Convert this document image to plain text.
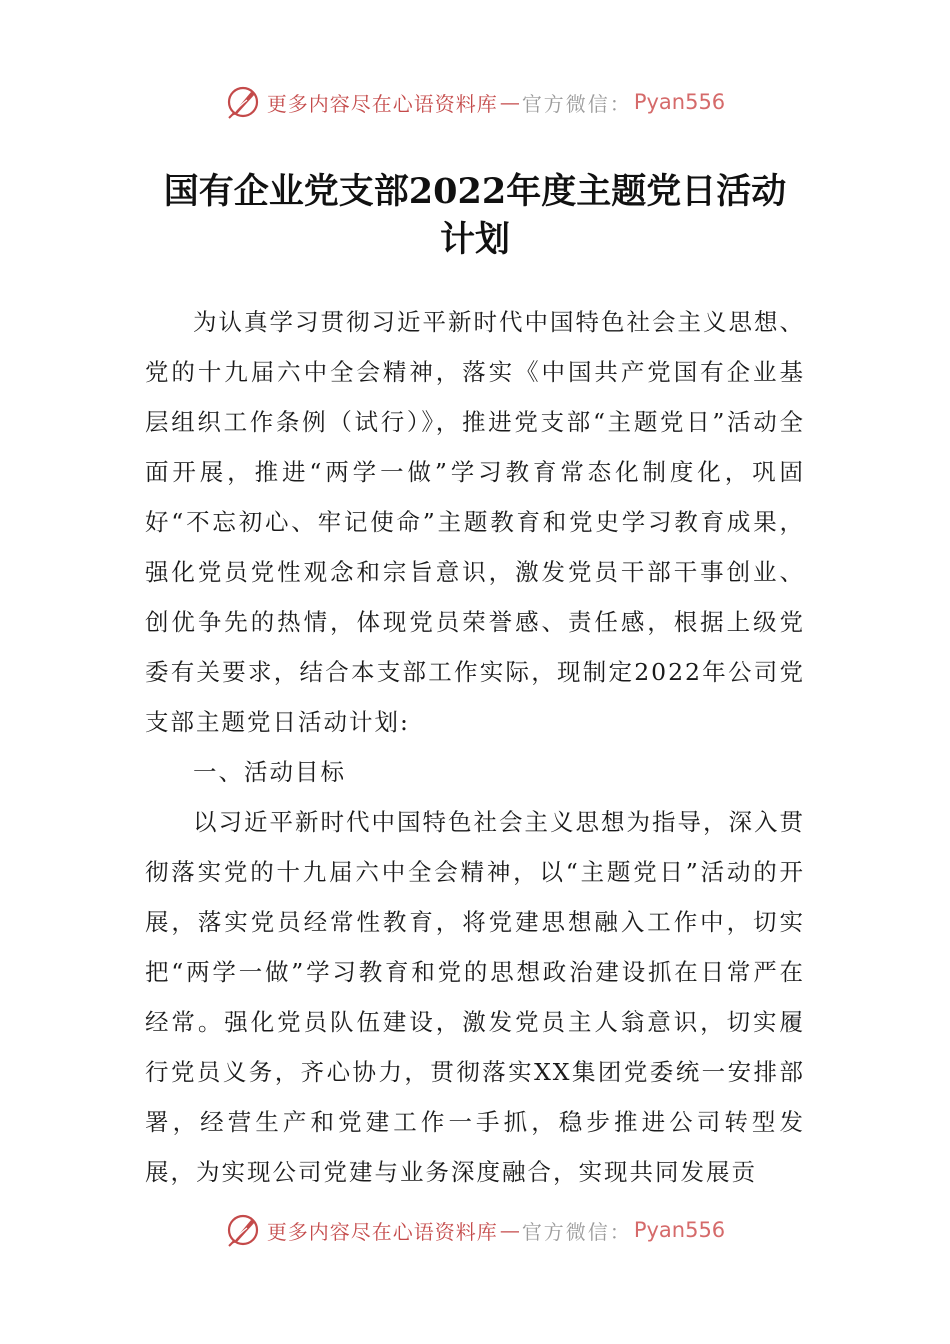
更多内容尽在心语资料库 — 官方微信： Pyan556
国有企业党支部2022年度主题党日活动
计划

为认真学习贯彻习近平新时代中国特色社会主义思想、党的十九届六中全会精神，落实《中国共产党国有企业基层组织工作条例（试行）》，推进党支部“主题党日”活动全面开展，推进“两学一做”学习教育常态化制度化，巩固好“不忘初心、牢记使命”主题教育和党史学习教育成果，强化党员党性观念和宗旨意识，激发党员干部干事创业、创优争先的热情，体现党员荣誉感、责任感，根据上级党委有关要求，结合本支部工作实际，现制定2022年公司党支部主题党日活动计划:

一、活动目标

以习近平新时代中国特色社会主义思想为指导，深入贯彻落实党的十九届六中全会精神，以“主题党日”活动的开展，落实党员经常性教育，将党建思想融入工作中，切实把“两学一做”学习教育和党的思想政治建设抓在日常严在经常。强化党员队伍建设，激发党员主人翁意识，切实履行党员义务，齐心协力，贯彻落实XX集团党委统一安排部署，经营生产和党建工作一手抓，稳步推进公司转型发展，为实现公司党建与业务深度融合，实现共同发展贡

更多内容尽在心语资料库 — 官方微信： Pyan556
